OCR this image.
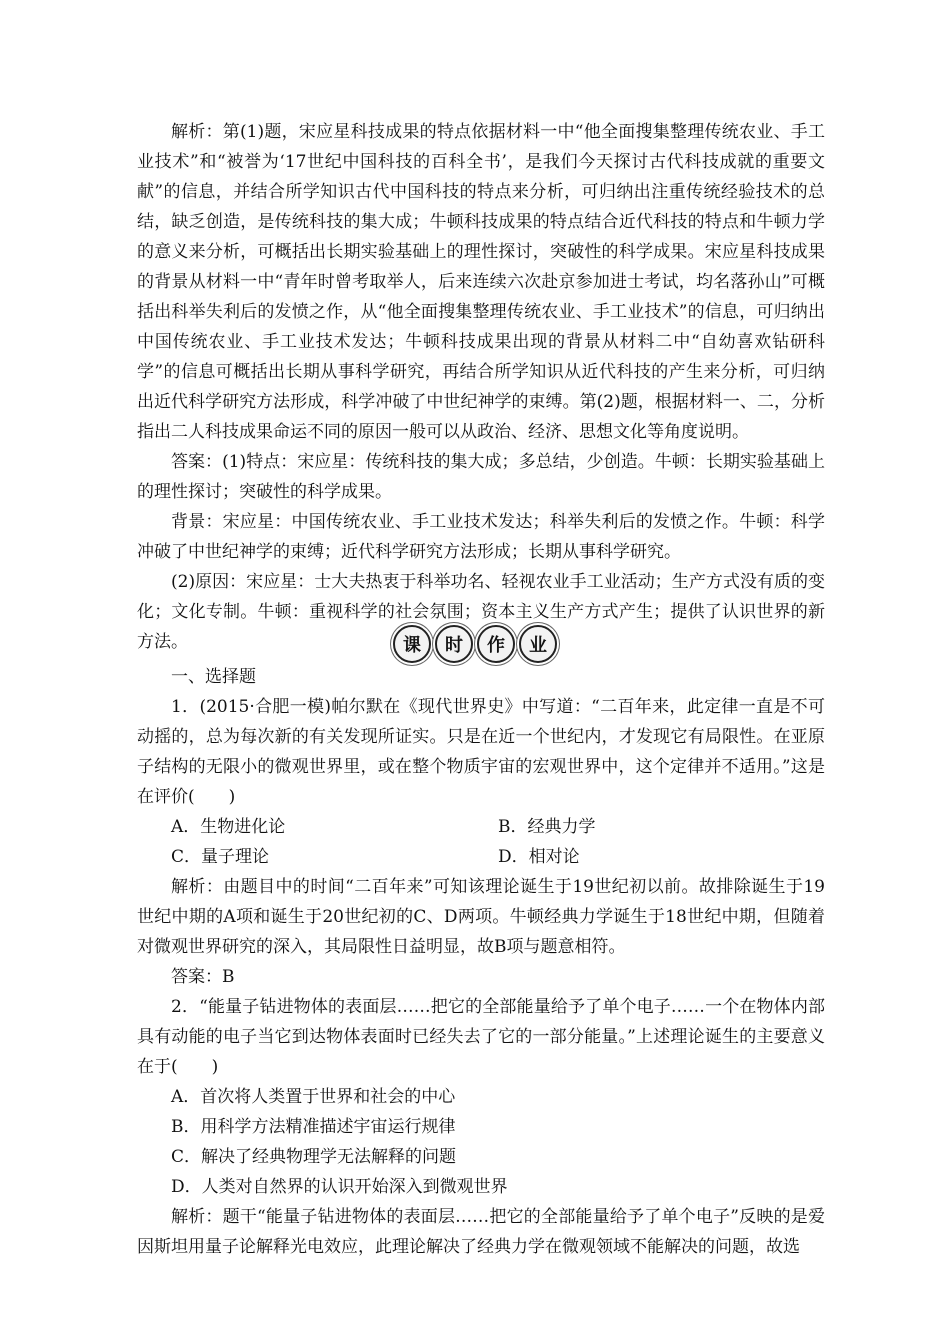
解析：第(1)题，宋应星科技成果的特点依据材料一中“他全面搜集整理传统农业、手工业技术”和“被誉为‘17世纪中国科技的百科全书’，是我们今天探讨古代科技成就的重要文献”的信息，并结合所学知识古代中国科技的特点来分析，可归纳出注重传统经验技术的总结，缺乏创造，是传统科技的集大成；牛顿科技成果的特点结合近代科技的特点和牛顿力学的意义来分析，可概括出长期实验基础上的理性探讨，突破性的科学成果。宋应星科技成果的背景从材料一中“青年时曾考取举人，后来连续六次赴京参加进士考试，均名落孙山”可概括出科举失利后的发愤之作，从“他全面搜集整理传统农业、手工业技术”的信息，可归纳出中国传统农业、手工业技术发达；牛顿科技成果出现的背景从材料二中“自幼喜欢钻研科学”的信息可概括出长期从事科学研究，再结合所学知识从近代科技的产生来分析，可归纳出近代科学研究方法形成，科学冲破了中世纪神学的束缚。第(2)题，根据材料一、二，分析指出二人科技成果命运不同的原因一般可以从政治、经济、思想文化等角度说明。

答案：(1)特点：宋应星：传统科技的集大成；多总结，少创造。牛顿：长期实验基础上的理性探讨；突破性的科学成果。

背景：宋应星：中国传统农业、手工业技术发达；科举失利后的发愤之作。牛顿：科学冲破了中世纪神学的束缚；近代科学研究方法形成；长期从事科学研究。

(2)原因：宋应星：士大夫热衷于科举功名、轻视农业手工业活动；生产方式没有质的变化；文化专制。牛顿：重视科学的社会氛围；资本主义生产方式产生；提供了认识世界的新方法。	课	时	作	业

一、选择题

1．(2015·合肥一模)帕尔默在《现代世界史》中写道：“二百年来，此定律一直是不可动摇的，总为每次新的有关发现所证实。只是在近一个世纪内，才发现它有局限性。在亚原子结构的无限小的微观世界里，或在整个物质宇宙的宏观世界中，这个定律并不适用。”这是在评价(　　)

A．生物进化论	B．经典力学
C．量子理论	D．相对论

解析：由题目中的时间“二百年来”可知该理论诞生于19世纪初以前。故排除诞生于19世纪中期的A项和诞生于20世纪初的C、D两项。牛顿经典力学诞生于18世纪中期，但随着对微观世界研究的深入，其局限性日益明显，故B项与题意相符。

答案：B

2．“能量子钻进物体的表面层……把它的全部能量给予了单个电子……一个在物体内部具有动能的电子当它到达物体表面时已经失去了它的一部分能量。”上述理论诞生的主要意义在于(　　)

A．首次将人类置于世界和社会的中心

B．用科学方法精准描述宇宙运行规律

C．解决了经典物理学无法解释的问题

D．人类对自然界的认识开始深入到微观世界

解析：题干“能量子钻进物体的表面层……把它的全部能量给予了单个电子”反映的是爱因斯坦用量子论解释光电效应，此理论解决了经典力学在微观领域不能解决的问题，故选
